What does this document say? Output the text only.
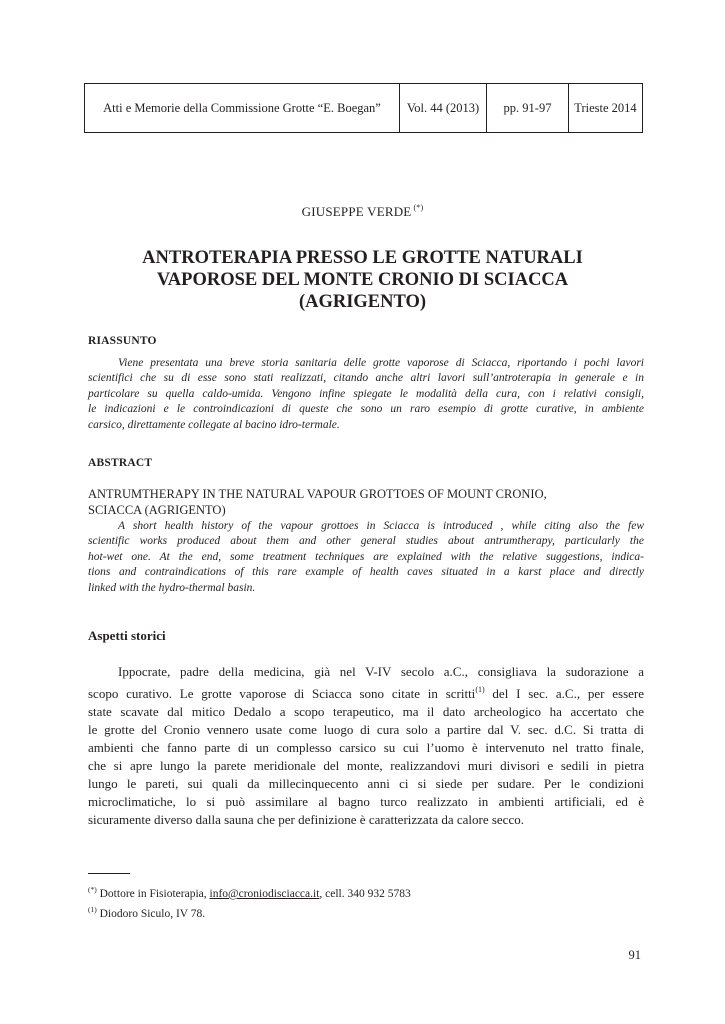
Atti e Memorie della Commissione Grotte “E. Boegan”	Vol. 44 (2013)	pp. 91-97	Trieste 2014
GIUSEPPE VERDE (*)
ANTROTERAPIA PRESSO LE GROTTE NATURALI
VAPOROSE DEL MONTE CRONIO DI SCIACCA
(AGRIGENTO)
RIASSUNTO
Viene presentata una breve storia sanitaria delle grotte vaporose di Sciacca, riportando i pochi lavori
scientifici che su di esse sono stati realizzati, citando anche altri lavori sull’antroterapia in generale e in
particolare su quella caldo-umida. Vengono infine spiegate le modalità della cura, con i relativi consigli,
le indicazioni e le controindicazioni di queste che sono un raro esempio di grotte curative, in ambiente
carsico, direttamente collegate al bacino idro-termale.
ABSTRACT
ANTRUMTHERAPY IN THE NATURAL VAPOUR GROTTOES OF MOUNT CRONIO,
SCIACCA (AGRIGENTO)
A short health history of the vapour grottoes in Sciacca is introduced , while citing also the few
scientific works produced about them and other general studies about antrumtherapy, particularly the
hot-wet one. At the end, some treatment techniques are explained with the relative suggestions, indica-
tions and contraindications of this rare example of health caves situated in a karst place and directly
linked with the hydro-thermal basin.
Aspetti storici
Ippocrate, padre della medicina, già nel V-IV secolo a.C., consigliava la sudorazione a
scopo curativo. Le grotte vaporose di Sciacca sono citate in scritti$^{(1)}$ del I sec. a.C., per essere
state scavate dal mitico Dedalo a scopo terapeutico, ma il dato archeologico ha accertato che
le grotte del Cronio vennero usate come luogo di cura solo a partire dal V. sec. d.C. Si tratta di
ambienti che fanno parte di un complesso carsico su cui l’uomo è intervenuto nel tratto finale,
che si apre lungo la parete meridionale del monte, realizzandovi muri divisori e sedili in pietra
lungo le pareti, sui quali da millecinquecento anni ci si siede per sudare. Per le condizioni
microclimatiche, lo si può assimilare al bagno turco realizzato in ambienti artificiali, ed è
sicuramente diverso dalla sauna che per definizione è caratterizzata da calore secco.
(*) Dottore in Fisioterapia, info@croniodisciacca.it, cell. 340 932 5783
$^{(1)}$ Diodoro Siculo, IV 78.
91
